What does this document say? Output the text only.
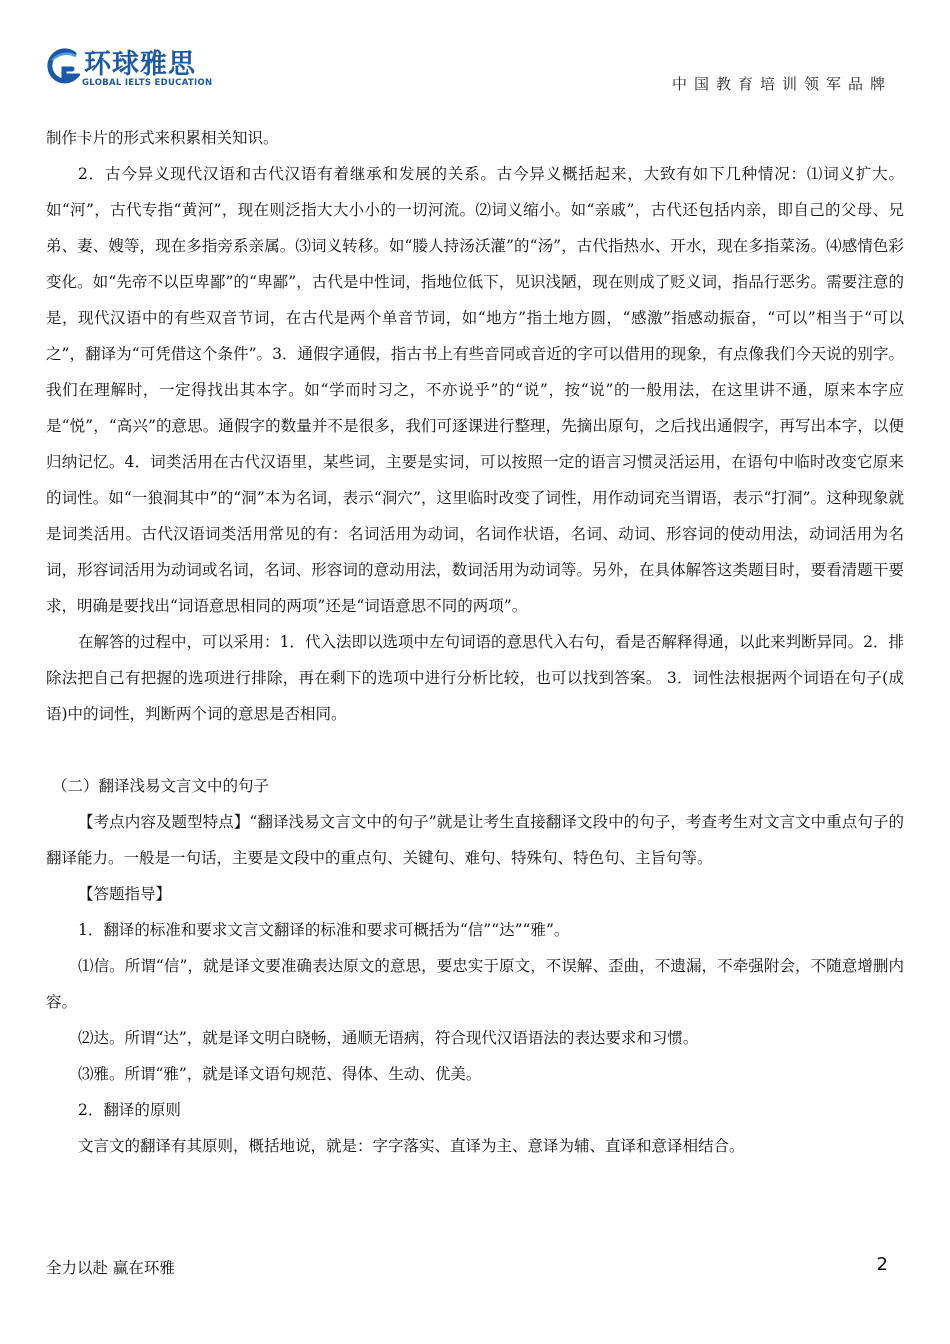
环球雅思
GLOBAL IELTS EDUCATION	中国教育培训领军品牌

制作卡片的形式来积累相关知识。

2．古今异义现代汉语和古代汉语有着继承和发展的关系。古今异义概括起来，大致有如下几种情况：⑴词义扩大。如“河”，古代专指“黄河”，现在则泛指大大小小的一切河流。⑵词义缩小。如“亲戚”，古代还包括内亲，即自己的父母、兄弟、妻、嫂等，现在多指旁系亲属。⑶词义转移。如“媵人持汤沃灌”的“汤”，古代指热水、开水，现在多指菜汤。⑷感情色彩变化。如“先帝不以臣卑鄙”的“卑鄙”，古代是中性词，指地位低下，见识浅陋，现在则成了贬义词，指品行恶劣。需要注意的是，现代汉语中的有些双音节词，在古代是两个单音节词，如“地方”指土地方圆，“感激”指感动振奋，“可以”相当于“可以之”，翻译为“可凭借这个条件”。3．通假字通假，指古书上有些音同或音近的字可以借用的现象，有点像我们今天说的别字。我们在理解时，一定得找出其本字。如“学而时习之，不亦说乎”的“说”，按“说”的一般用法，在这里讲不通，原来本字应是“悦”，“高兴”的意思。通假字的数量并不是很多，我们可逐课进行整理，先摘出原句，之后找出通假字，再写出本字，以便归纳记忆。4．词类活用在古代汉语里，某些词，主要是实词，可以按照一定的语言习惯灵活运用，在语句中临时改变它原来的词性。如“一狼洞其中”的“洞”本为名词，表示“洞穴”，这里临时改变了词性，用作动词充当谓语，表示“打洞”。这种现象就是词类活用。古代汉语词类活用常见的有：名词活用为动词，名词作状语，名词、动词、形容词的使动用法，动词活用为名词，形容词活用为动词或名词，名词、形容词的意动用法，数词活用为动词等。另外，在具体解答这类题目时，要看清题干要求，明确是要找出“词语意思相同的两项”还是“词语意思不同的两项”。

在解答的过程中，可以采用：1．代入法即以选项中左句词语的意思代入右句，看是否解释得通，以此来判断异同。2．排除法把自己有把握的选项进行排除，再在剩下的选项中进行分析比较，也可以找到答案。 3．词性法根据两个词语在句子(成语)中的词性，判断两个词的意思是否相同。

（二）翻译浅易文言文中的句子

【考点内容及题型特点】“翻译浅易文言文中的句子”就是让考生直接翻译文段中的句子，考查考生对文言文中重点句子的翻译能力。一般是一句话，主要是文段中的重点句、关键句、难句、特殊句、特色句、主旨句等。

【答题指导】

1．翻译的标准和要求文言文翻译的标准和要求可概括为“信”“达”“雅”。

⑴信。所谓“信”，就是译文要准确表达原文的意思，要忠实于原文，不误解、歪曲，不遗漏，不牵强附会，不随意增删内容。

⑵达。所谓“达”，就是译文明白晓畅，通顺无语病，符合现代汉语语法的表达要求和习惯。

⑶雅。所谓“雅”，就是译文语句规范、得体、生动、优美。

2．翻译的原则

文言文的翻译有其原则，概括地说，就是：字字落实、直译为主、意译为辅、直译和意译相结合。

全力以赴 赢在环雅	2
